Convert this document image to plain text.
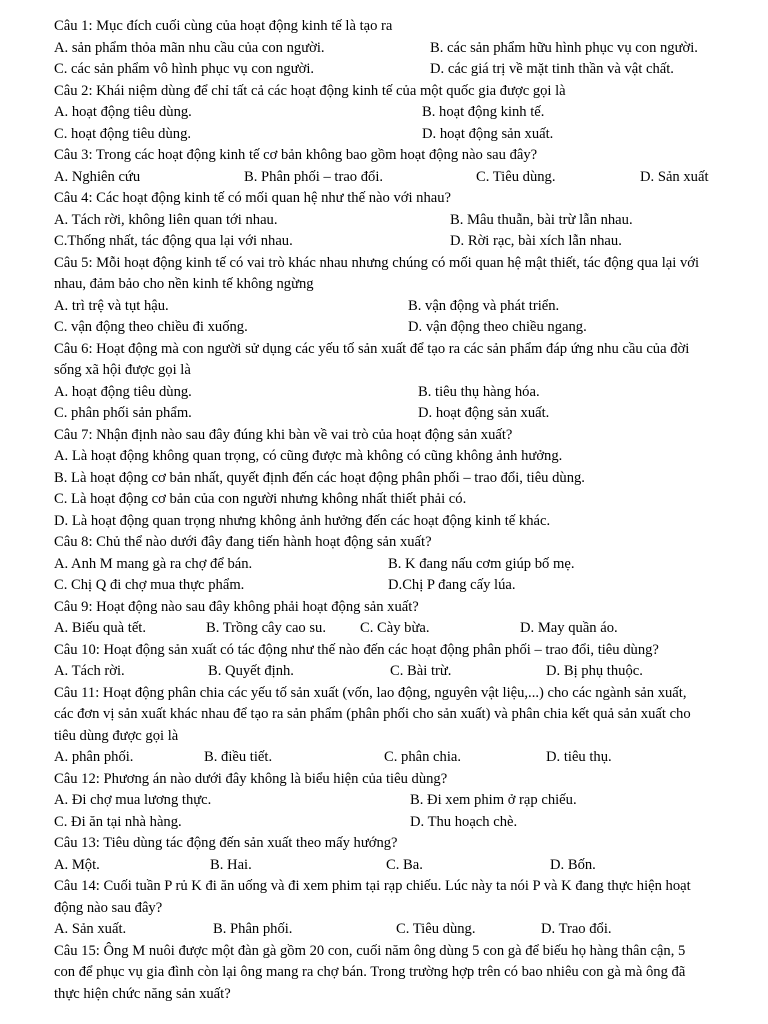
Câu 1: Mục đích cuối cùng của hoạt động kinh tế là tạo ra
A. sản phẩm thỏa mãn nhu cầu của con người.	B. các sản phẩm hữu hình phục vụ con người.
C. các sản phẩm vô hình phục vụ con người.	D. các giá trị về mặt tinh thần và vật chất.
Câu 2: Khái niệm dùng để chỉ tất cả các hoạt động kinh tế của một quốc gia được gọi là
A. hoạt động tiêu dùng.	B. hoạt động kinh tế.
C. hoạt động tiêu dùng.	D. hoạt động sản xuất.
Câu 3: Trong các hoạt động kinh tế cơ bản không bao gồm hoạt động nào sau đây?
A. Nghiên cứu	B. Phân phối – trao đổi.	C. Tiêu dùng.	D. Sản xuất
Câu 4: Các hoạt động kinh tế có mối quan hệ như thế nào với nhau?
A. Tách rời, không liên quan tới nhau.	B. Mâu thuẫn, bài trừ lẫn nhau.
C.Thống nhất, tác động qua lại với nhau.	D. Rời rạc, bài xích lẫn nhau.
Câu 5: Mỗi hoạt động kinh tế có vai trò khác nhau nhưng chúng có mối quan hệ mật thiết, tác động qua lại với
nhau, đảm bảo cho nền kinh tế không ngừng
A. trì trệ và tụt hậu.	B. vận động và phát triển.
C. vận động theo chiều đi xuống.	D. vận động theo chiều ngang.
Câu 6: Hoạt động mà con người sử dụng các yếu tố sản xuất để tạo ra các sản phẩm đáp ứng nhu cầu của đời
sống xã hội được gọi là
A. hoạt động tiêu dùng.	B. tiêu thụ hàng hóa.
C. phân phối sản phẩm.	D. hoạt động sản xuất.
Câu 7: Nhận định nào sau đây đúng khi bàn về vai trò của hoạt động sản xuất?
A. Là hoạt động không quan trọng, có cũng được mà không có cũng không ảnh hưởng.
B. Là hoạt động cơ bản nhất, quyết định đến các hoạt động phân phối – trao đổi, tiêu dùng.
C. Là hoạt động cơ bản của con người nhưng không nhất thiết phải có.
D. Là hoạt động quan trọng nhưng không ảnh hưởng đến các hoạt động kinh tế khác.
Câu 8: Chủ thể nào dưới đây đang tiến hành hoạt động sản xuất?
A. Anh M mang gà ra chợ để bán.	B. K đang nấu cơm giúp bố mẹ.
C. Chị Q đi chợ mua thực phẩm.	D.Chị P đang cấy lúa.
Câu 9: Hoạt động nào sau đây không phải hoạt động sản xuất?
A. Biếu quà tết.	B. Trồng cây cao su. C. Cày bừa.	D. May quần áo.
Câu 10: Hoạt động sản xuất có tác động như thế nào đến các hoạt động phân phối – trao đổi, tiêu dùng?
A. Tách rời.	B. Quyết định.	C. Bài trừ.	D. Bị phụ thuộc.
Câu 11: Hoạt động phân chia các yếu tố sản xuất (vốn, lao động, nguyên vật liệu,...) cho các ngành sản xuất,
các đơn vị sản xuất khác nhau để tạo ra sản phẩm (phân phối cho sản xuất) và phân chia kết quả sản xuất cho
tiêu dùng được gọi là
A. phân phối.	B. điều tiết.	C. phân chia.	D. tiêu thụ.
Câu 12: Phương án nào dưới đây không là biểu hiện của tiêu dùng?
A. Đi chợ mua lương thực.	B. Đi xem phim ở rạp chiếu.
C. Đi ăn tại nhà hàng.	D. Thu hoạch chè.
Câu 13: Tiêu dùng tác động đến sản xuất theo mấy hướng?
A. Một.	B. Hai.	C. Ba.	D. Bốn.
Câu 14: Cuối tuần P rủ K đi ăn uống và đi xem phim tại rạp chiếu. Lúc này ta nói P và K đang thực hiện hoạt
động nào sau đây?
A. Sản xuất.	B. Phân phối.	C. Tiêu dùng.	D. Trao đổi.
Câu 15: Ông M nuôi được một đàn gà gồm 20 con, cuối năm ông dùng 5 con gà để biếu họ hàng thân cận, 5
con để phục vụ gia đình còn lại ông mang ra chợ bán. Trong trường hợp trên có bao nhiêu con gà mà ông đã
thực hiện chức năng sản xuất?
